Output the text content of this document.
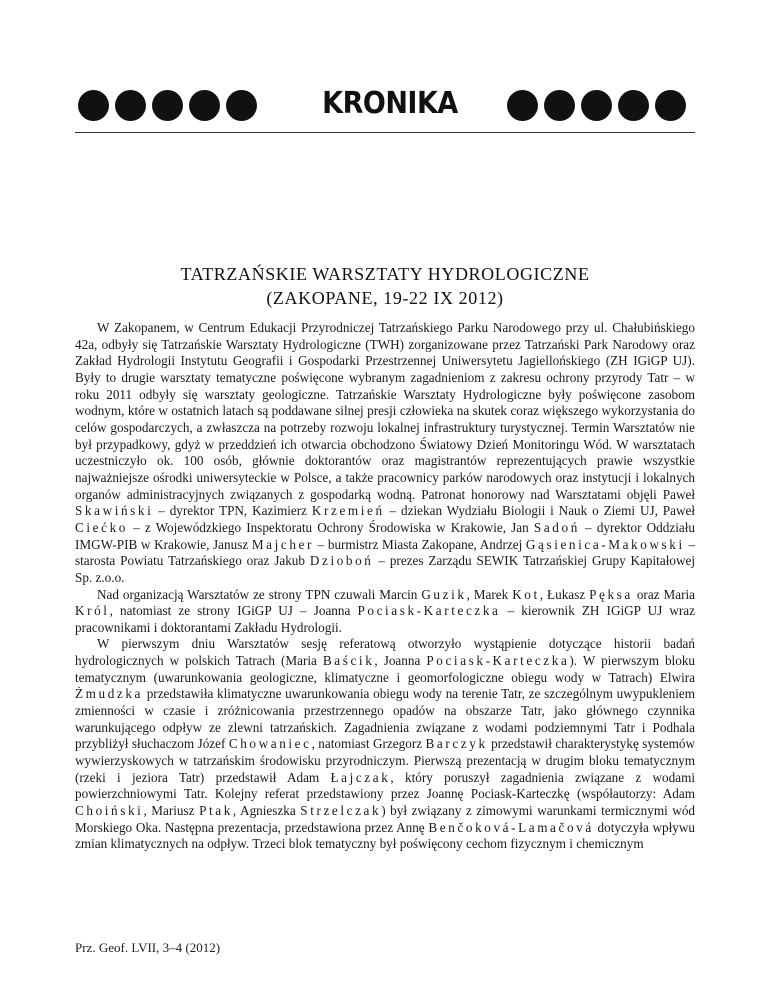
KRONIKA
TATRZAŃSKIE WARSZTATY HYDROLOGICZNE
(ZAKOPANE, 19-22 IX 2012)

W Zakopanem, w Centrum Edukacji Przyrodniczej Tatrzańskiego Parku Narodowego przy ul. Chałubińskiego 42a, odbyły się Tatrzańskie Warsztaty Hydrologiczne (TWH) zorganizowane przez Tatrzański Park Narodowy oraz Zakład Hydrologii Instytutu Geografii i Gospodarki Przestrzennej Uniwersytetu Jagiellońskiego (ZH IGiGP UJ). Były to drugie warsztaty tematyczne poświęcone wybranym zagadnieniom z zakresu ochrony przyrody Tatr – w roku 2011 odbyły się warsztaty geologiczne. Tatrzańskie Warsztaty Hydrologiczne były poświęcone zasobom wodnym, które w ostatnich latach są poddawane silnej presji człowieka na skutek coraz większego wykorzystania do celów gospodarczych, a zwłaszcza na potrzeby rozwoju lokalnej infrastruktury turystycznej. Termin Warsztatów nie był przypadkowy, gdyż w przeddzień ich otwarcia obchodzono Światowy Dzień Monitoringu Wód. W warsztatach uczestniczyło ok. 100 osób, głównie doktorantów oraz magistrantów reprezentujących prawie wszystkie najważniejsze ośrodki uniwersyteckie w Polsce, a także pracownicy parków narodowych oraz instytucji i lokalnych organów administracyjnych związanych z gospodarką wodną. Patronat honorowy nad Warsztatami objęli Paweł Skawiński – dyrektor TPN, Kazimierz Krzemień – dziekan Wydziału Biologii i Nauk o Ziemi UJ, Paweł Ciećko – z Wojewódzkiego Inspektoratu Ochrony Środowiska w Krakowie, Jan Sadoń – dyrektor Oddziału IMGW-PIB w Krakowie, Janusz Majcher – burmistrz Miasta Zakopane, Andrzej Gąsienica-Makowski – starosta Powiatu Tatrzańskiego oraz Jakub Dzioboń – prezes Zarządu SEWIK Tatrzańskiej Grupy Kapitałowej Sp. z.o.o.

Nad organizacją Warsztatów ze strony TPN czuwali Marcin Guzik, Marek Kot, Łukasz Pęksa oraz Maria Król, natomiast ze strony IGiGP UJ – Joanna Pociask-Karteczka – kierownik ZH IGiGP UJ wraz pracownikami i doktorantami Zakładu Hydrologii.

W pierwszym dniu Warsztatów sesję referatową otworzyło wystąpienie dotyczące historii badań hydrologicznych w polskich Tatrach (Maria Baścik, Joanna Pociask-Karteczka). W pierwszym bloku tematycznym (uwarunkowania geologiczne, klimatyczne i geomorfologiczne obiegu wody w Tatrach) Elwira Żmudzka przedstawiła klimatyczne uwarunkowania obiegu wody na terenie Tatr, ze szczególnym uwypukleniem zmienności w czasie i zróżnicowania przestrzennego opadów na obszarze Tatr, jako głównego czynnika warunkującego odpływ ze zlewni tatrzańskich. Zagadnienia związane z wodami podziemnymi Tatr i Podhala przybliżył słuchaczom Józef Chowaniec, natomiast Grzegorz Barczyk przedstawił charakterystykę systemów wywierzyskowych w tatrzańskim środowisku przyrodniczym. Pierwszą prezentacją w drugim bloku tematycznym (rzeki i jeziora Tatr) przedstawił Adam Łajczak, który poruszył zagadnienia związane z wodami powierzchniowymi Tatr. Kolejny referat przedstawiony przez Joannę Pociask-Karteczkę (współautorzy: Adam Choiński, Mariusz Ptak, Agnieszka Strzelczak) był związany z zimowymi warunkami termicznymi wód Morskiego Oka. Następna prezentacja, przedstawiona przez Annę Benčoková-Lamačová dotyczyła wpływu zmian klimatycznych na odpływ. Trzeci blok tematyczny był poświęcony cechom fizycznym i chemicznym

Prz. Geof. LVII, 3–4 (2012)
